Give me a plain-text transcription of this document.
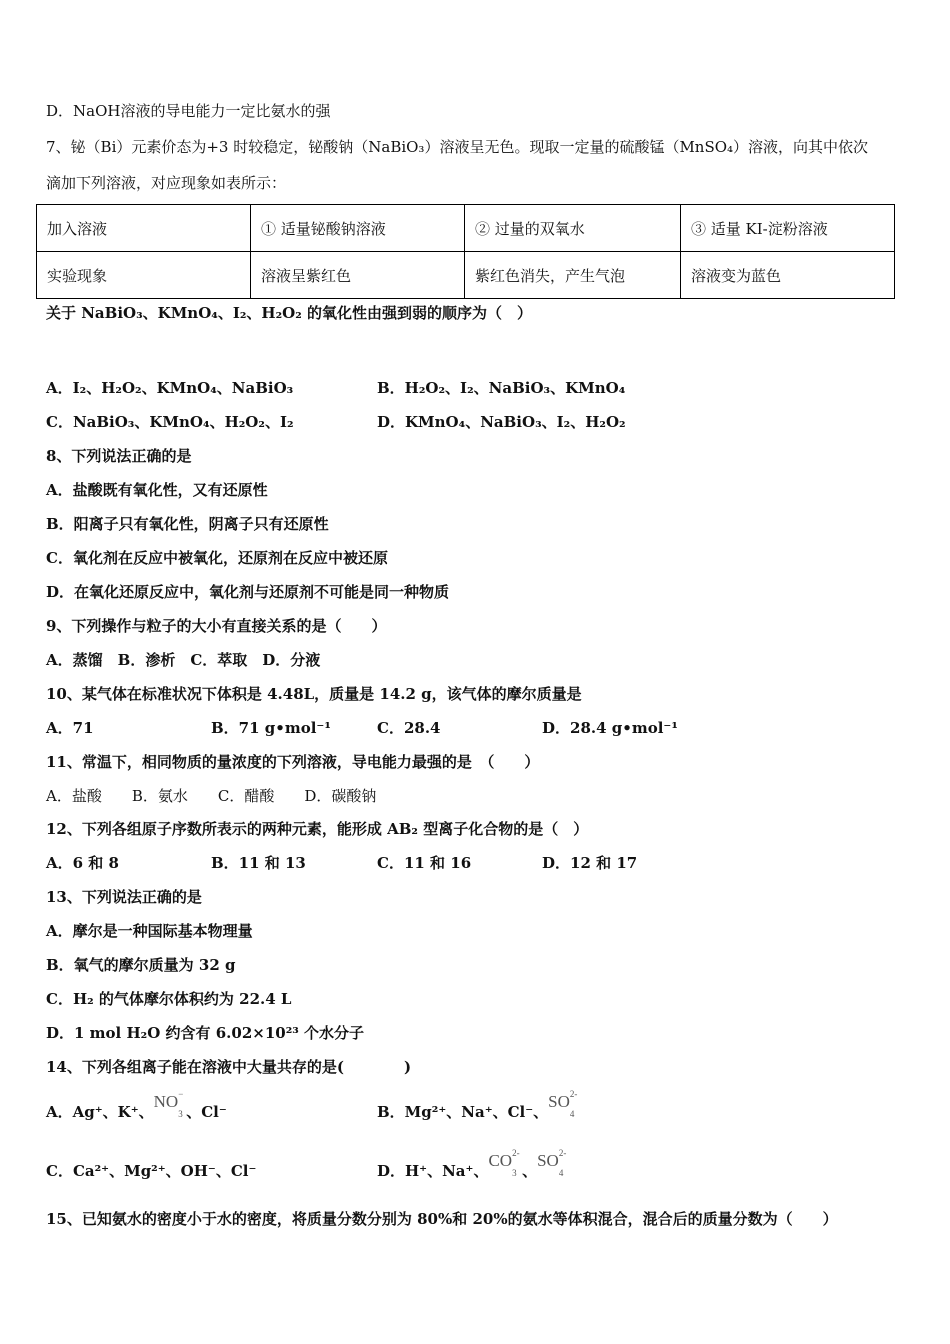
D．NaOH溶液的导电能力一定比氨水的强
7、铋（Bi）元素价态为+3 时较稳定，铋酸钠（NaBiO₃）溶液呈无色。现取一定量的硫酸锰（MnSO₄）溶液，向其中依次
滴加下列溶液，对应现象如表所示：
加入溶液	① 适量铋酸钠溶液	② 过量的双氧水	③ 适量 KI-淀粉溶液
实验现象	溶液呈紫红色	紫红色消失，产生气泡	溶液变为蓝色
关于 NaBiO₃、KMnO₄、I₂、H₂O₂ 的氧化性由强到弱的顺序为（　）
A．I₂、H₂O₂、KMnO₄、NaBiO₃	B．H₂O₂、I₂、NaBiO₃、KMnO₄
C．NaBiO₃、KMnO₄、H₂O₂、I₂	D．KMnO₄、NaBiO₃、I₂、H₂O₂
8、下列说法正确的是
A．盐酸既有氧化性，又有还原性
B．阳离子只有氧化性，阴离子只有还原性
C．氧化剂在反应中被氧化，还原剂在反应中被还原
D．在氧化还原反应中，氧化剂与还原剂不可能是同一种物质
9、下列操作与粒子的大小有直接关系的是（　　）
A．蒸馏　B．渗析　C．萃取　D．分液
10、某气体在标准状况下体积是 4.48L，质量是 14.2 g，该气体的摩尔质量是
A．71	B．71 g•mol⁻¹	C．28.4	D．28.4 g•mol⁻¹
11、常温下，相同物质的量浓度的下列溶液，导电能力最强的是　（　　）
A．盐酸　　B．氨水　　C．醋酸　　D．碳酸钠
12、下列各组原子序数所表示的两种元素，能形成 AB₂ 型离子化合物的是（　）
A．6 和 8	B．11 和 13	C．11 和 16	D．12 和 17
13、下列说法正确的是
A．摩尔是一种国际基本物理量
B．氧气的摩尔质量为 32 g
C．H₂ 的气体摩尔体积约为 22.4 L
D．1 mol H₂O 约含有 6.02×10²³ 个水分子
14、下列各组离子能在溶液中大量共存的是(　　　　)
A．Ag⁺、K⁺、NO −
3 、Cl⁻	B．Mg²⁺、Na⁺、Cl⁻、SO 2-
4
C．Ca²⁺、Mg²⁺、OH⁻、Cl⁻	D．H⁺、Na⁺、CO 2-
3 、SO 2-
4
15、已知氨水的密度小于水的密度，将质量分数分别为 80%和 20%的氨水等体积混合，混合后的质量分数为（　　）
